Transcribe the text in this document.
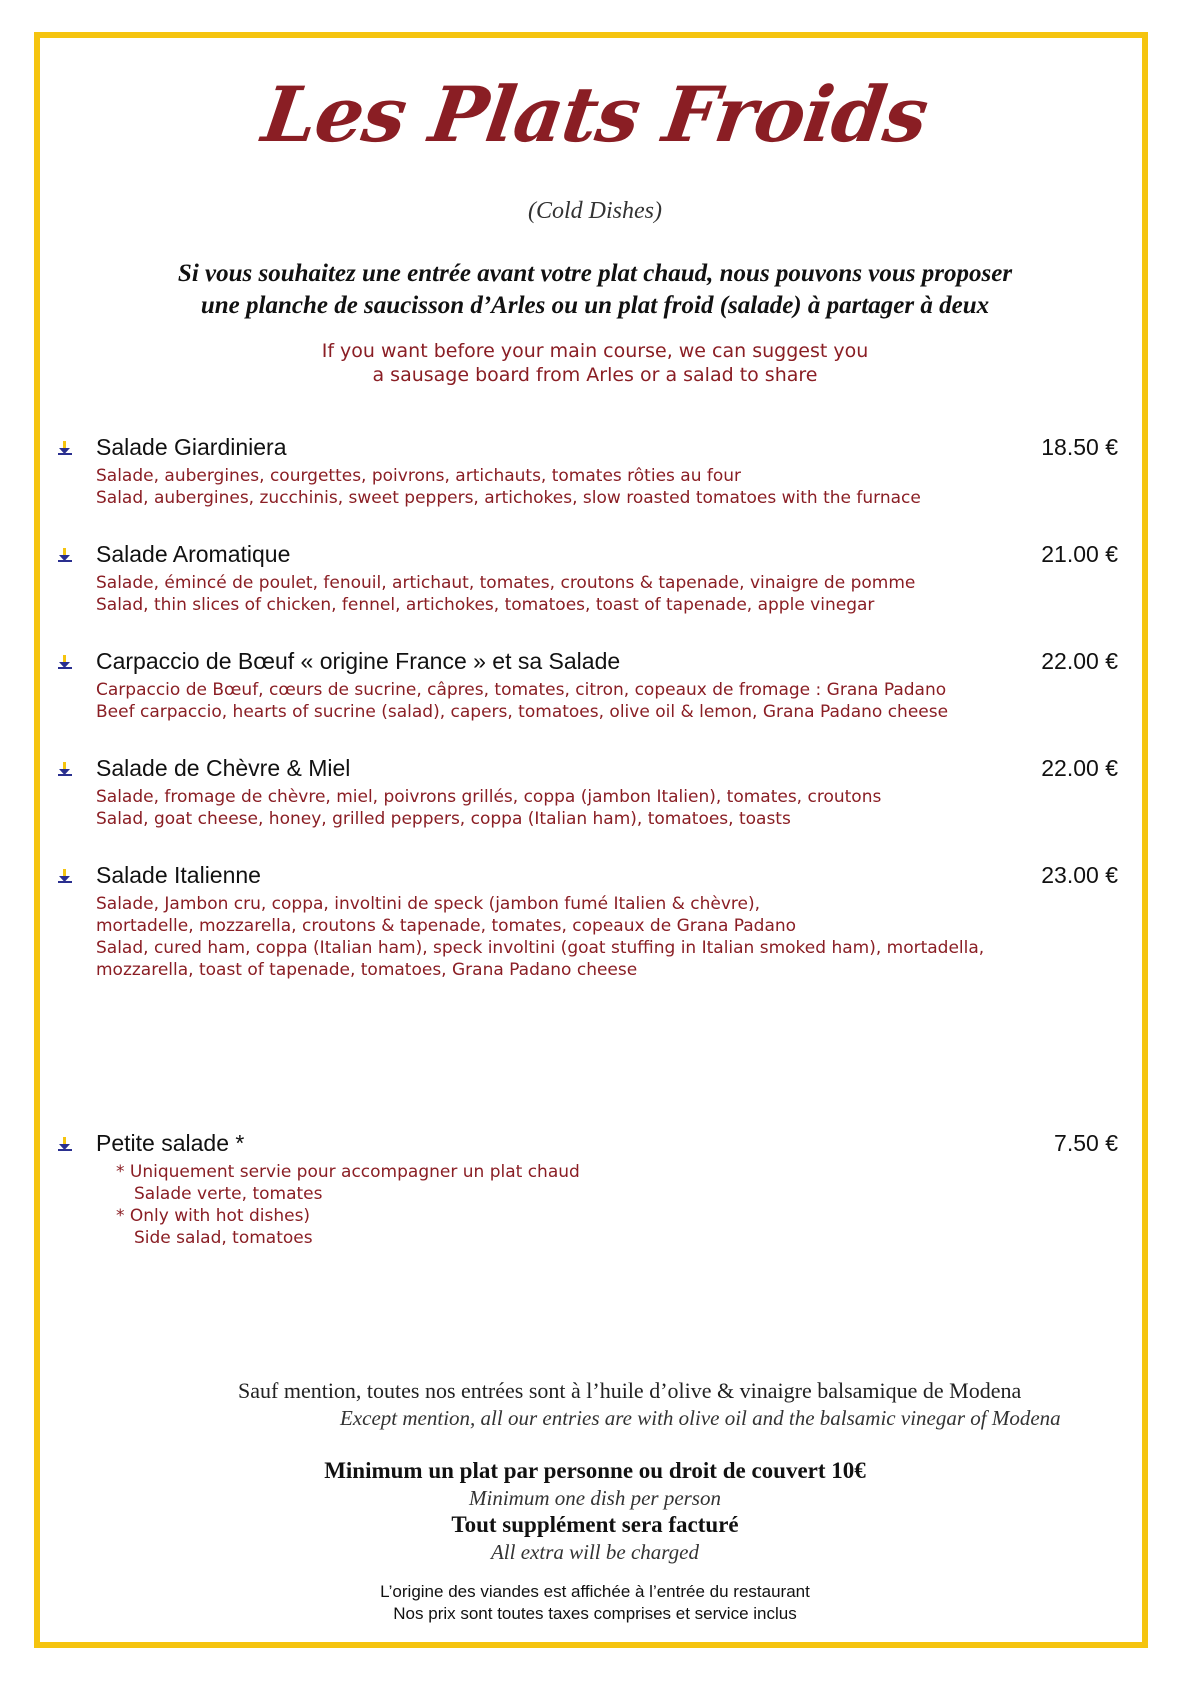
Les Plats Froids
(Cold Dishes)
Si vous souhaitez une entrée avant votre plat chaud, nous pouvons vous proposer
une planche de saucisson d’Arles ou un plat froid (salade) à partager à deux
If you want before your main course, we can suggest you
a sausage board from Arles or a salad to share
Salade Giardiniera	18.50 €
Salade, aubergines, courgettes, poivrons, artichauts, tomates rôties au four
Salad, aubergines, zucchinis, sweet peppers, artichokes, slow roasted tomatoes with the furnace
Salade Aromatique	21.00 €
Salade, émincé de poulet, fenouil, artichaut, tomates, croutons & tapenade, vinaigre de pomme
Salad, thin slices of chicken, fennel, artichokes, tomatoes, toast of tapenade, apple vinegar
Carpaccio de Bœuf « origine France » et sa Salade	22.00 €
Carpaccio de Bœuf, cœurs de sucrine, câpres, tomates, citron, copeaux de fromage : Grana Padano
Beef carpaccio, hearts of sucrine (salad), capers, tomatoes, olive oil & lemon, Grana Padano cheese
Salade de Chèvre & Miel	22.00 €
Salade, fromage de chèvre, miel, poivrons grillés, coppa (jambon Italien), tomates, croutons
Salad, goat cheese, honey, grilled peppers, coppa (Italian ham), tomatoes, toasts
Salade Italienne	23.00 €
Salade, Jambon cru, coppa, involtini de speck (jambon fumé Italien & chèvre),
mortadelle, mozzarella, croutons & tapenade, tomates, copeaux de Grana Padano
Salad, cured ham, coppa (Italian ham), speck involtini (goat stuffing in Italian smoked ham), mortadella,
mozzarella, toast of tapenade, tomatoes, Grana Padano cheese
Petite salade *	7.50 €
* Uniquement servie pour accompagner un plat chaud
Salade verte, tomates
* Only with hot dishes)
Side salad, tomatoes
Sauf mention, toutes nos entrées sont à l’huile d’olive & vinaigre balsamique de Modena
Except mention, all our entries are with olive oil and the balsamic vinegar of Modena
Minimum un plat par personne ou droit de couvert 10€
Minimum one dish per person
Tout supplément sera facturé
All extra will be charged
L’origine des viandes est affichée à l’entrée du restaurant
Nos prix sont toutes taxes comprises et service inclus
